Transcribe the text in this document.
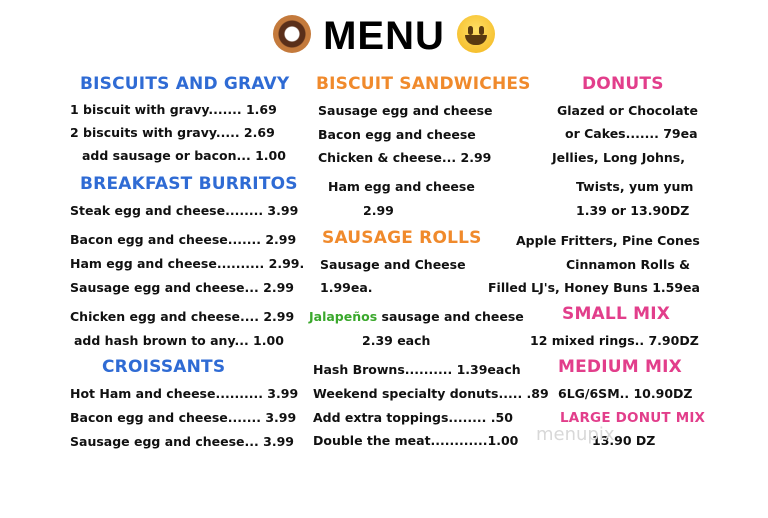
MENU
BISCUITS AND GRAVY
1 biscuit with gravy....... 1.69
2 biscuits with gravy..... 2.69
add sausage or bacon... 1.00
BREAKFAST BURRITOS
Steak egg and cheese........ 3.99
Bacon egg and cheese....... 2.99
Ham egg and cheese.......... 2.99.
Sausage egg and cheese... 2.99
Chicken egg and cheese.... 2.99
add hash brown to any... 1.00
CROISSANTS
Hot Ham and cheese.......... 3.99
Bacon egg and cheese....... 3.99
Sausage egg and cheese... 3.99
BISCUIT SANDWICHES
Sausage egg and cheese
Bacon egg and cheese
Chicken & cheese... 2.99
Ham egg and cheese
2.99
SAUSAGE ROLLS
Sausage and Cheese
1.99ea.
Jalapeños sausage and cheese
2.39 each
Hash Browns.......... 1.39each
Weekend specialty donuts..... .89
Add extra toppings........ .50
Double the meat............1.00
DONUTS
Glazed or Chocolate
or Cakes....... 79ea
Jellies, Long Johns,
Twists, yum yum
1.39 or 13.90DZ
Apple Fritters, Pine Cones
Cinnamon Rolls &
Filled LJ's, Honey Buns 1.59ea
SMALL MIX
12 mixed rings.. 7.90DZ
MEDIUM MIX
6LG/6SM.. 10.90DZ
LARGE DONUT MIX
13.90 DZ
menupix
